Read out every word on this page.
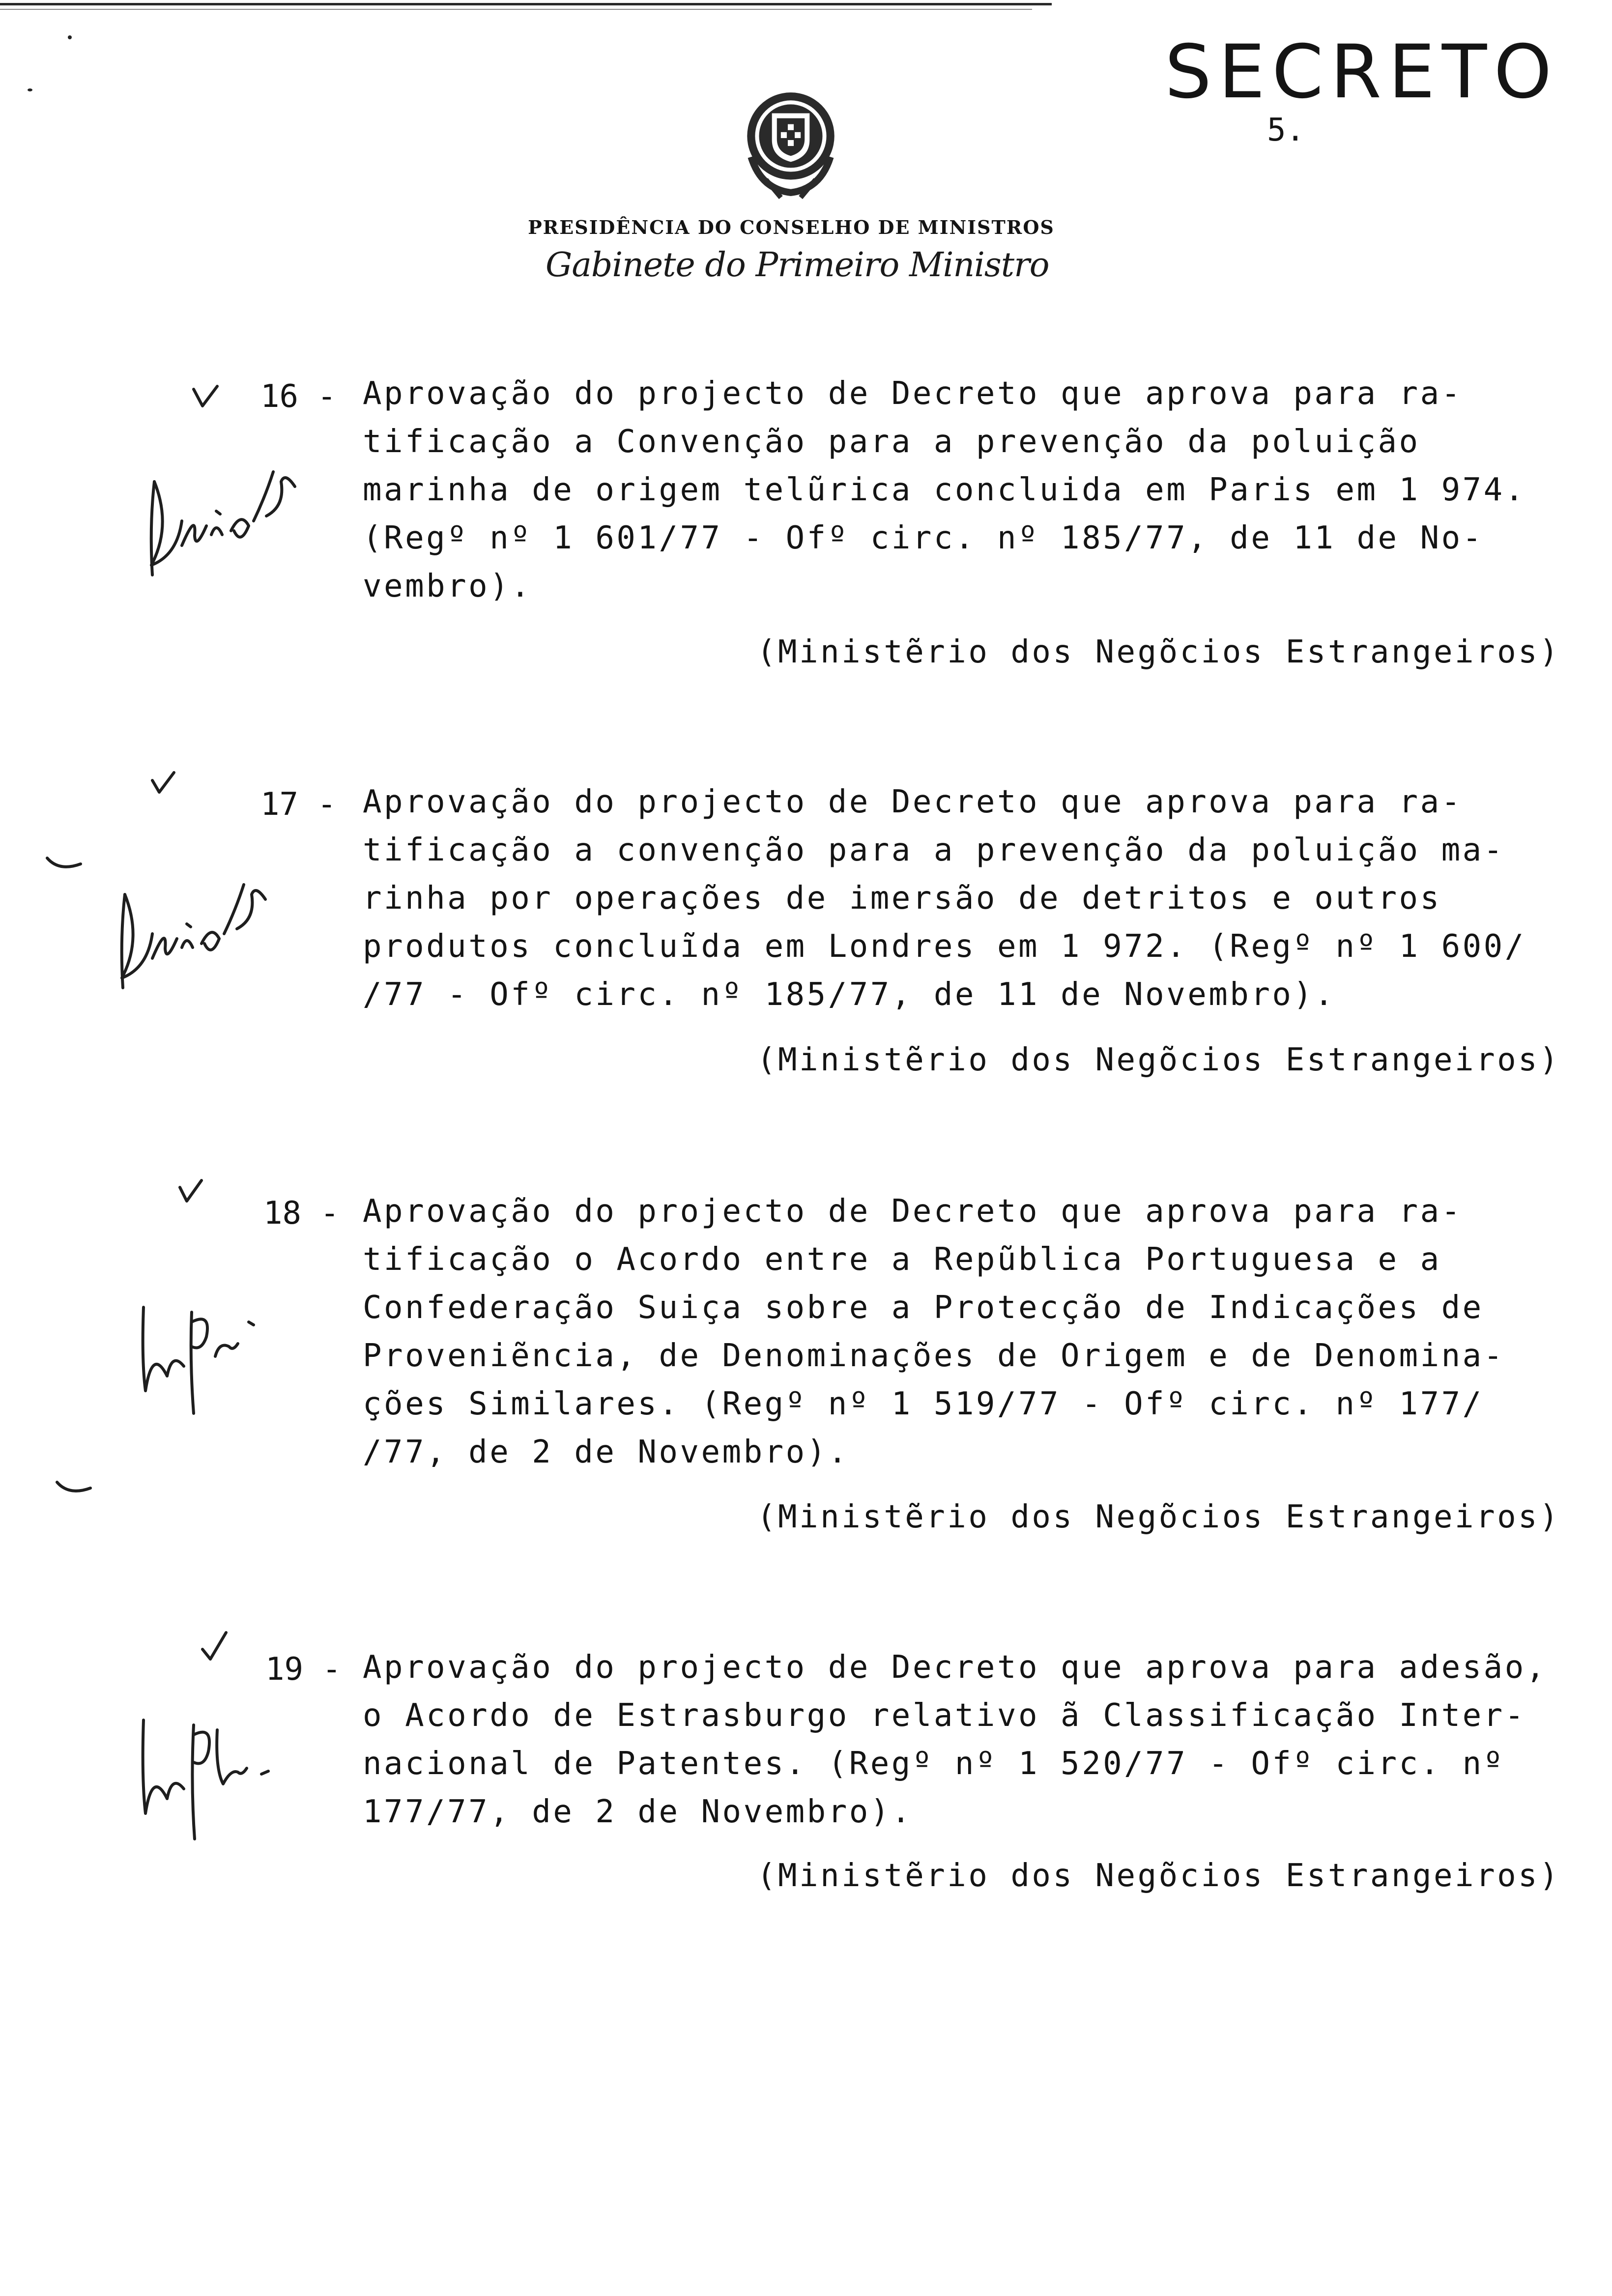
SECRETO
5.
PRESIDÊNCIA DO CONSELHO DE MINISTROS
Gabinete do Primeiro Ministro
16 - Aprovação do projecto de Decreto que aprova para ra-
tificação a Convenção para a prevenção da poluição
marinha de origem telũrica concluida em Paris em 1 974.
(Regº nº 1 601/77 - Ofº circ. nº 185/77, de 11 de No-
vembro).
(Ministẽrio dos Negõcios Estrangeiros)
17 - Aprovação do projecto de Decreto que aprova para ra-
tificação a convenção para a prevenção da poluição ma-
rinha por operações de imersão de detritos e outros
produtos concluĩda em Londres em 1 972. (Regº nº 1 600/
/77 - Ofº circ. nº 185/77, de 11 de Novembro).
(Ministẽrio dos Negõcios Estrangeiros)
18 - Aprovação do projecto de Decreto que aprova para ra-
tificação o Acordo entre a Repũblica Portuguesa e a
Confederação Suiça sobre a Protecção de Indicações de
Proveniẽncia, de Denominações de Origem e de Denomina-
ções Similares. (Regº nº 1 519/77 - Ofº circ. nº 177/
/77, de 2 de Novembro).
(Ministẽrio dos Negõcios Estrangeiros)
19 - Aprovação do projecto de Decreto que aprova para adesão,
o Acordo de Estrasburgo relativo ã Classificação Inter-
nacional de Patentes. (Regº nº 1 520/77 - Ofº circ. nº
177/77, de 2 de Novembro).
(Ministẽrio dos Negõcios Estrangeiros)
